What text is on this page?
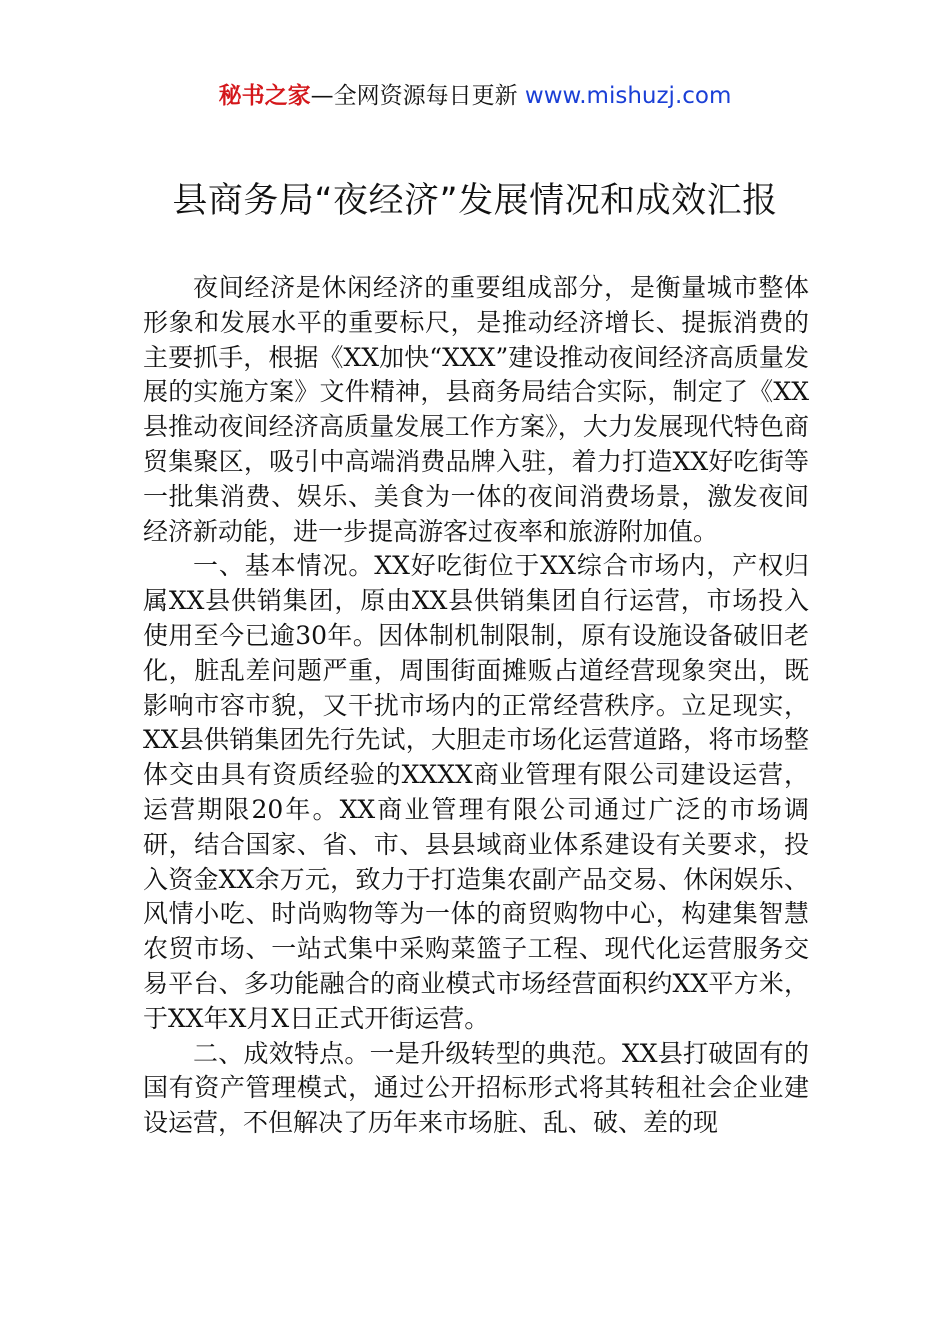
秘书之家—全网资源每日更新 www.mishuzj.com
县商务局“夜经济”发展情况和成效汇报

夜间经济是休闲经济的重要组成部分，是衡量城市整体形象和发展水平的重要标尺，是推动经济增长、提振消费的主要抓手，根据《XX加快“XXX”建设推动夜间经济高质量发展的实施方案》文件精神，县商务局结合实际，制定了《XX县推动夜间经济高质量发展工作方案》，大力发展现代特色商贸集聚区，吸引中高端消费品牌入驻，着力打造XX好吃街等一批集消费、娱乐、美食为一体的夜间消费场景，激发夜间经济新动能，进一步提高游客过夜率和旅游附加值。

一、基本情况。XX好吃街位于XX综合市场内，产权归属XX县供销集团，原由XX县供销集团自行运营，市场投入使用至今已逾30年。因体制机制限制，原有设施设备破旧老化，脏乱差问题严重，周围街面摊贩占道经营现象突出，既影响市容市貌，又干扰市场内的正常经营秩序。立足现实，XX县供销集团先行先试，大胆走市场化运营道路，将市场整体交由具有资质经验的XXXX商业管理有限公司建设运营，运营期限20年。XX商业管理有限公司通过广泛的市场调研，结合国家、省、市、县县域商业体系建设有关要求，投入资金XX余万元，致力于打造集农副产品交易、休闲娱乐、风情小吃、时尚购物等为一体的商贸购物中心，构建集智慧农贸市场、一站式集中采购菜篮子工程、现代化运营服务交易平台、多功能融合的商业模式市场经营面积约XX平方米，于XX年X月X日正式开街运营。

二、成效特点。一是升级转型的典范。XX县打破固有的国有资产管理模式，通过公开招标形式将其转租社会企业建设运营，不但解决了历年来市场脏、乱、破、差的现
